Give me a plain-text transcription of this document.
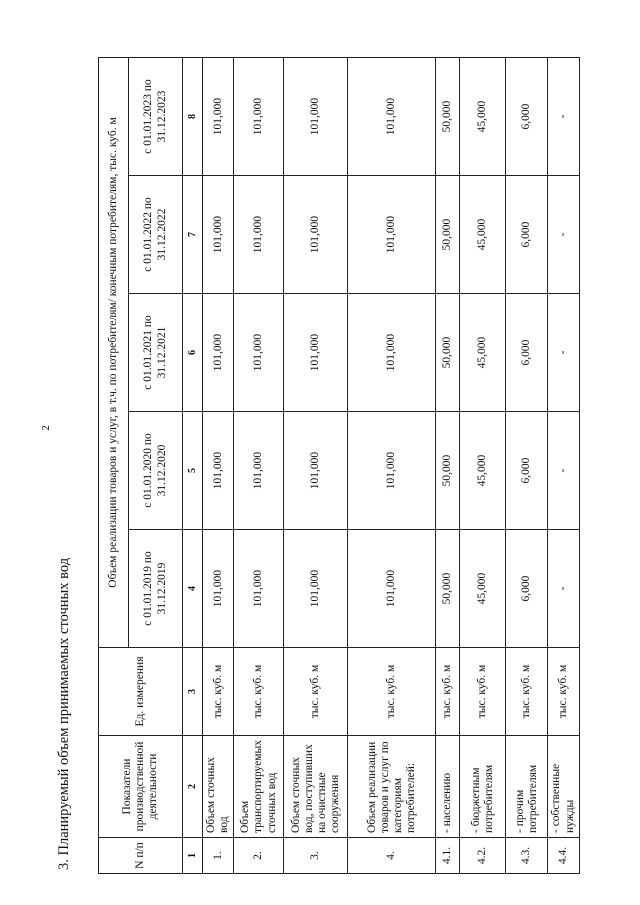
2
3. Планируемый объем принимаемых сточных вод	N п/п	Показатели производственной деятельности	Ед. измерения	Объем реализации товаров и услуг, в т.ч. по потребителям/ конечным потребителям, тыс. куб. м				
			с 01.01.2019 по 31.12.2019	с 01.01.2020 по 31.12.2020	с 01.01.2021 по 31.12.2021	с 01.01.2022 по 31.12.2022	с 01.01.2023 по 31.12.2023
1	2	3	4	5	6	7	8
1.	Объем сточных вод	тыс. куб. м	101,000	101,000	101,000	101,000	101,000
2.	Объем транспортируемых сточных вод	тыс. куб. м	101,000	101,000	101,000	101,000	101,000
3.	Объем сточных вод, поступивших на очистные сооружения	тыс. куб. м	101,000	101,000	101,000	101,000	101,000
4.	Объем реализации товаров и услуг по категориям потребителей:	тыс. куб. м	101,000	101,000	101,000	101,000	101,000
4.1.	- населению	тыс. куб. м	50,000	50,000	50,000	50,000	50,000
4.2.	- бюджетным потребителям	тыс. куб. м	45,000	45,000	45,000	45,000	45,000
4.3.	- прочим потребителям	тыс. куб. м	6,000	6,000	6,000	6,000	6,000
4.4.	- собственные нужды	тыс. куб. м	-	-	-	-	-
